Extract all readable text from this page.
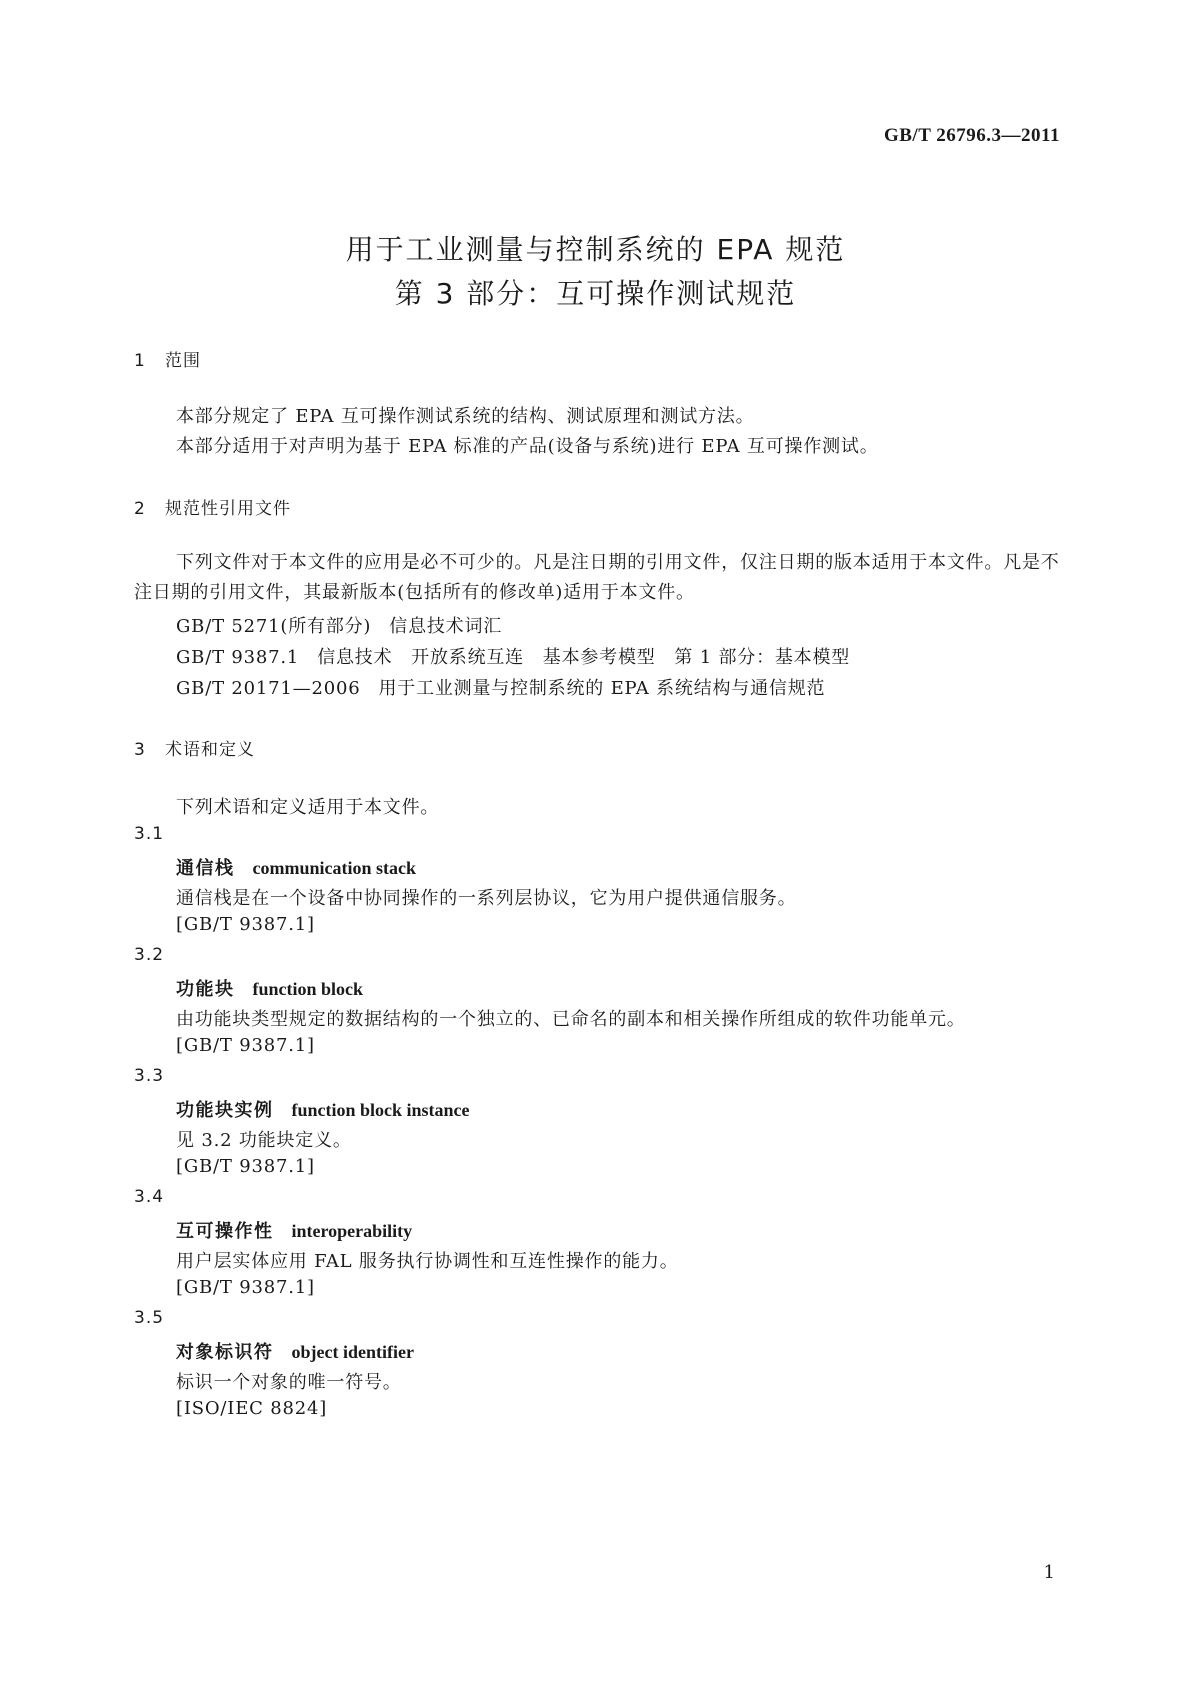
GB/T 26796.3—2011
用于工业测量与控制系统的 EPA 规范
第 3 部分：互可操作测试规范
1 范围
本部分规定了 EPA 互可操作测试系统的结构、测试原理和测试方法。
本部分适用于对声明为基于 EPA 标准的产品(设备与系统)进行 EPA 互可操作测试。
2 规范性引用文件
下列文件对于本文件的应用是必不可少的。凡是注日期的引用文件，仅注日期的版本适用于本文件。凡是不注日期的引用文件，其最新版本(包括所有的修改单)适用于本文件。
GB/T 5271(所有部分) 信息技术词汇
GB/T 9387.1 信息技术　开放系统互连　基本参考模型　第 1 部分：基本模型
GB/T 20171—2006 用于工业测量与控制系统的 EPA 系统结构与通信规范
3 术语和定义
下列术语和定义适用于本文件。
3.1
通信栈 communication stack
通信栈是在一个设备中协同操作的一系列层协议，它为用户提供通信服务。
[GB/T 9387.1]
3.2
功能块 function block
由功能块类型规定的数据结构的一个独立的、已命名的副本和相关操作所组成的软件功能单元。
[GB/T 9387.1]
3.3
功能块实例 function block instance
见 3.2 功能块定义。
[GB/T 9387.1]
3.4
互可操作性 interoperability
用户层实体应用 FAL 服务执行协调性和互连性操作的能力。
[GB/T 9387.1]
3.5
对象标识符 object identifier
标识一个对象的唯一符号。
[ISO/IEC 8824]
1
